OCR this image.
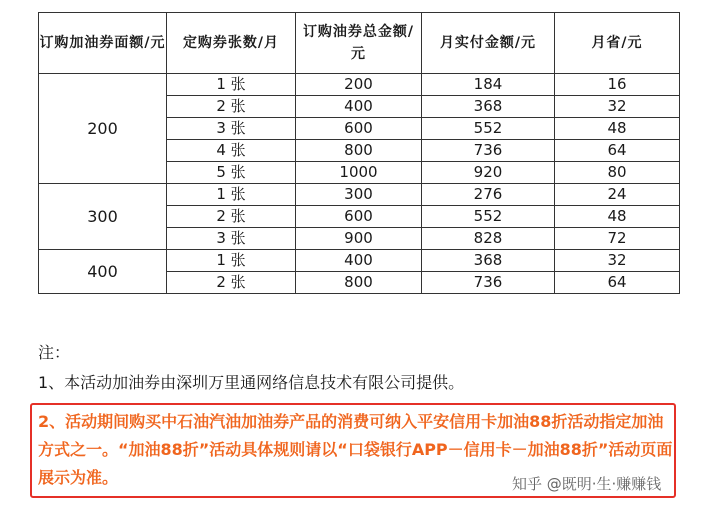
订购加油券面额/元	定购券张数/月	订购油券总金额/元	月实付金额/元	月省/元
200	1 张	200	184	16
	2 张	400	368	32
	3 张	600	552	48
	4 张	800	736	64
	5 张	1000	920	80
300	1 张	300	276	24
	2 张	600	552	48
	3 张	900	828	72
400	1 张	400	368	32
	2 张	800	736	64

注：

1、本活动加油券由深圳万里通网络信息技术有限公司提供。
2、活动期间购买中石油汽油加油券产品的消费可纳入平安信用卡加油88折活动指定加油方式之一。“加油88折”活动具体规则请以“口袋银行APP－信用卡－加油88折”活动页面展示为准。	知乎 @既明·生·赚赚钱
